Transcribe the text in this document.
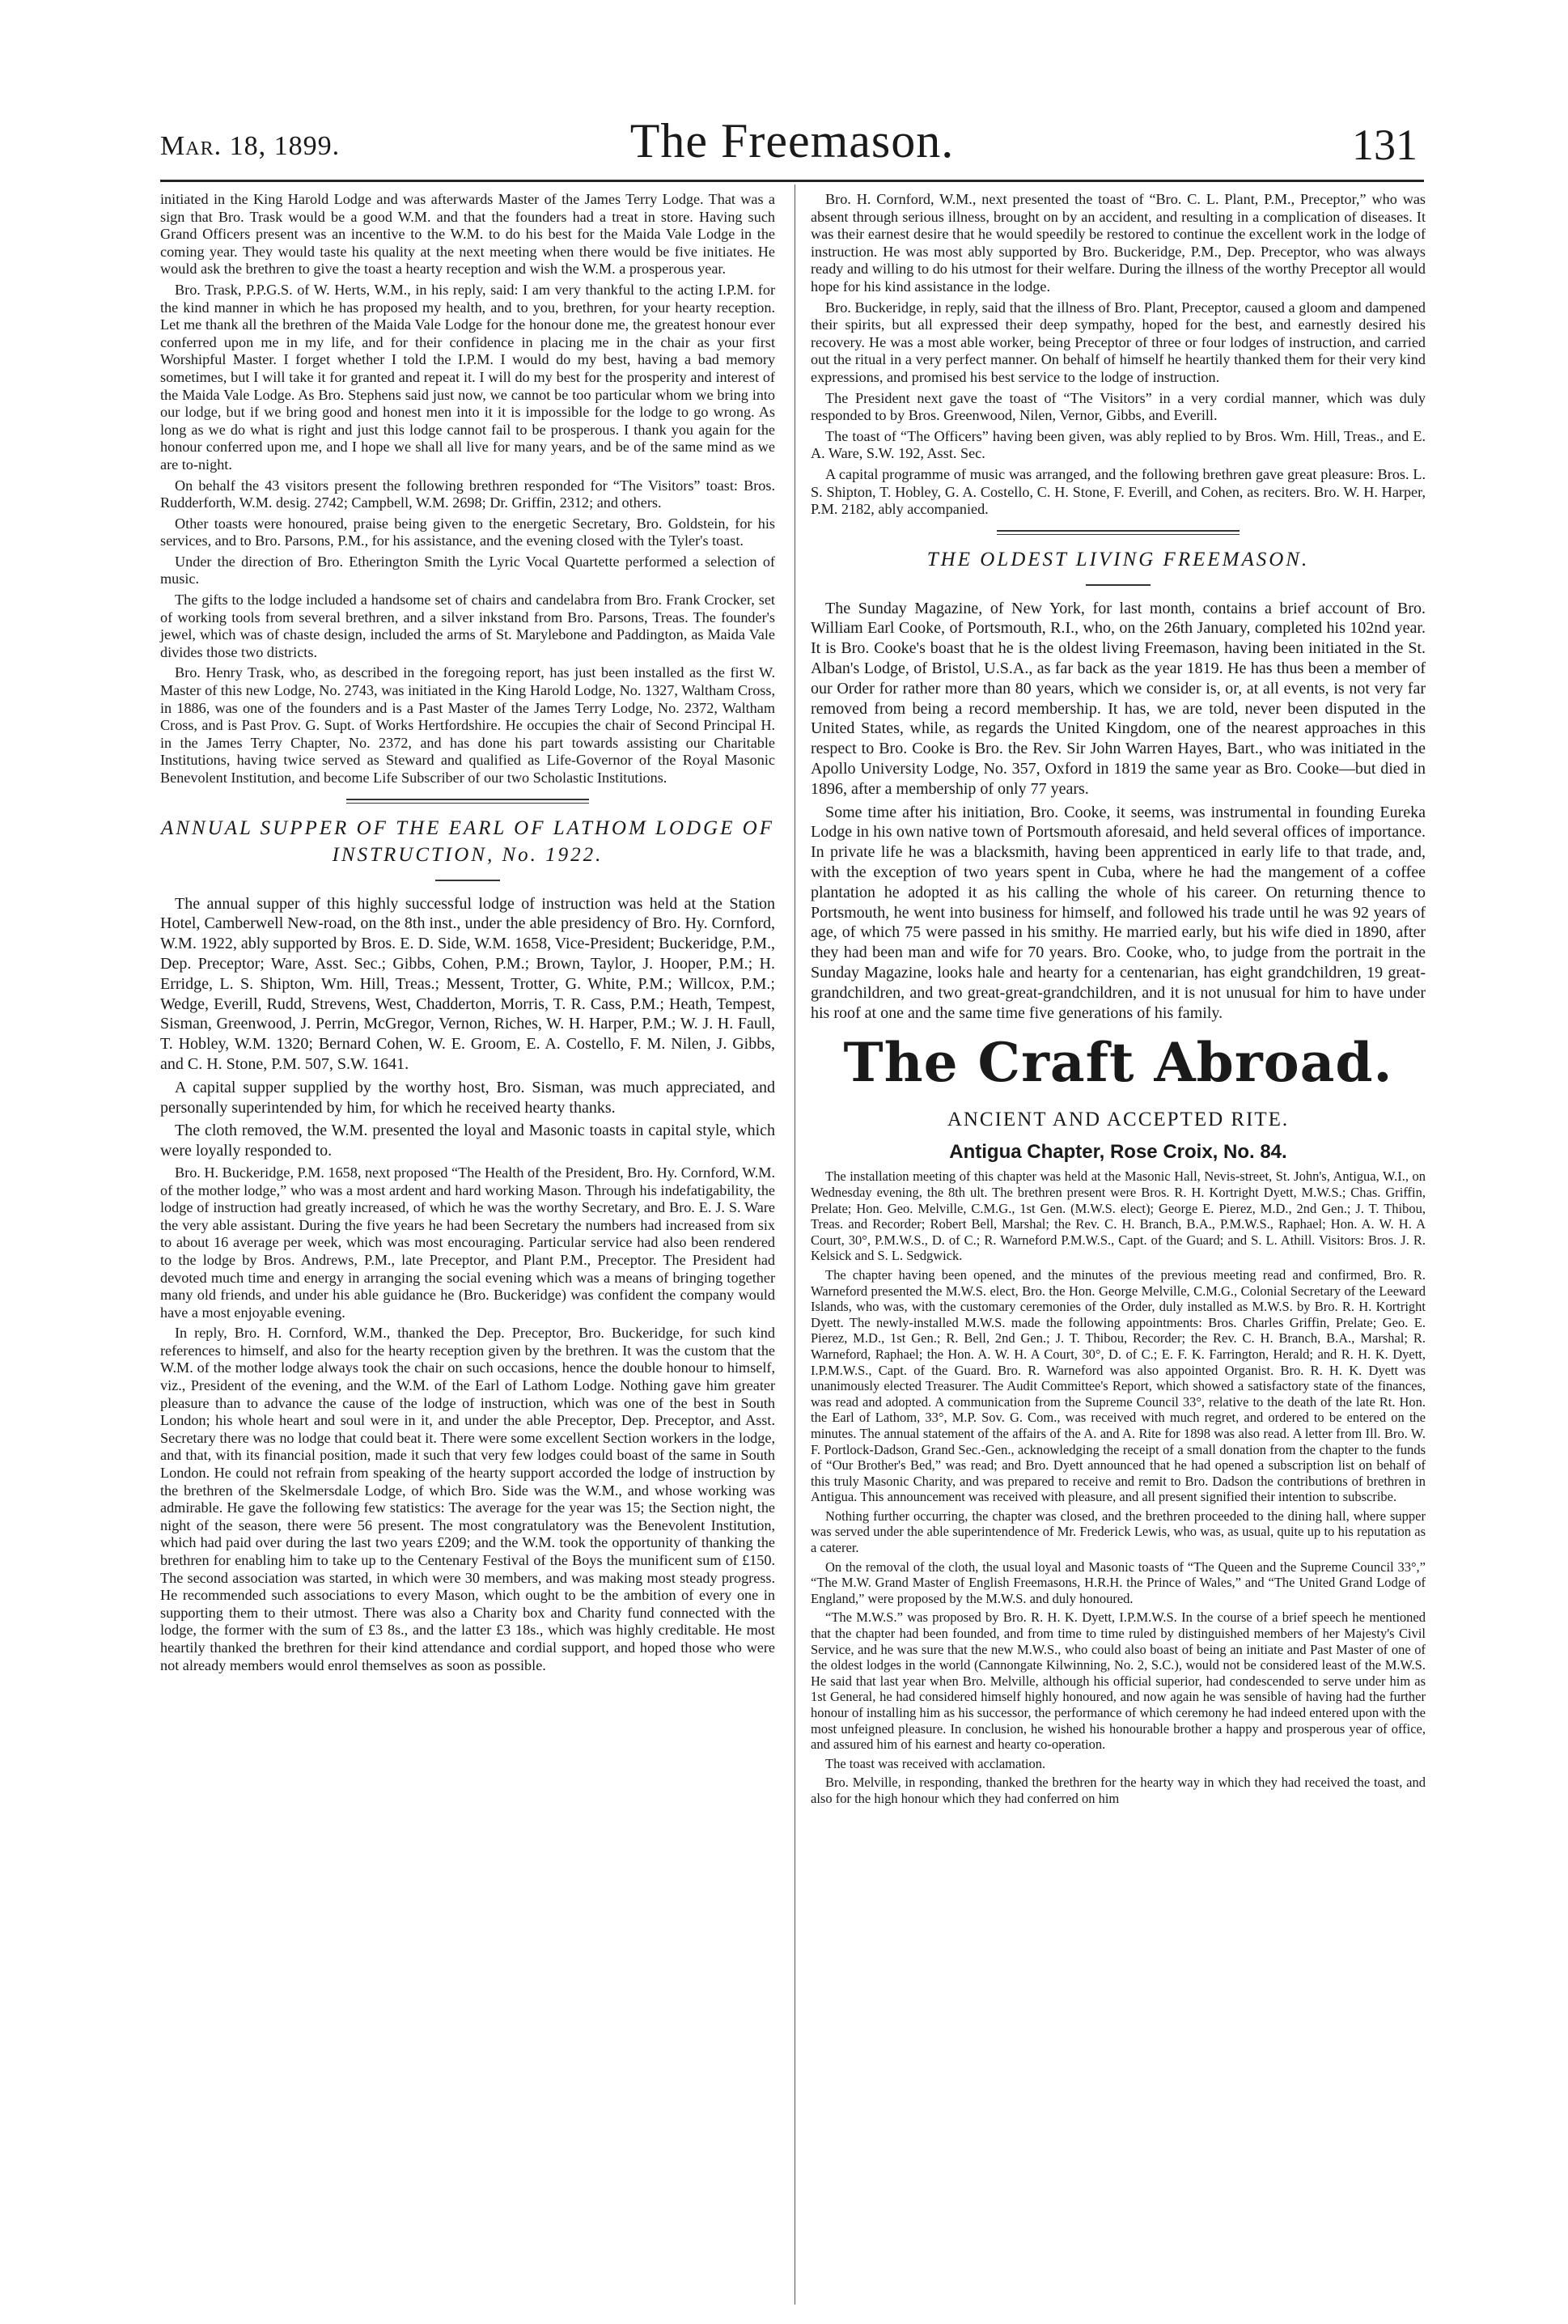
Mar. 18, 1899.	The Freemason.	131

initiated in the King Harold Lodge and was afterwards Master of the James Terry Lodge. That was a sign that Bro. Trask would be a good W.M. and that the founders had a treat in store. Having such Grand Officers present was an incentive to the W.M. to do his best for the Maida Vale Lodge in the coming year. They would taste his quality at the next meeting when there would be five initiates. He would ask the brethren to give the toast a hearty reception and wish the W.M. a prosperous year.

Bro. Trask, P.P.G.S. of W. Herts, W.M., in his reply, said: I am very thankful to the acting I.P.M. for the kind manner in which he has proposed my health, and to you, brethren, for your hearty reception. Let me thank all the brethren of the Maida Vale Lodge for the honour done me, the greatest honour ever conferred upon me in my life, and for their confidence in placing me in the chair as your first Worshipful Master. I forget whether I told the I.P.M. I would do my best, having a bad memory sometimes, but I will take it for granted and repeat it. I will do my best for the prosperity and interest of the Maida Vale Lodge. As Bro. Stephens said just now, we cannot be too particular whom we bring into our lodge, but if we bring good and honest men into it it is impossible for the lodge to go wrong. As long as we do what is right and just this lodge cannot fail to be prosperous. I thank you again for the honour conferred upon me, and I hope we shall all live for many years, and be of the same mind as we are to-night.

On behalf the 43 visitors present the following brethren responded for “The Visitors” toast: Bros. Rudderforth, W.M. desig. 2742; Campbell, W.M. 2698; Dr. Griffin, 2312; and others.

Other toasts were honoured, praise being given to the energetic Secretary, Bro. Goldstein, for his services, and to Bro. Parsons, P.M., for his assistance, and the evening closed with the Tyler's toast.

Under the direction of Bro. Etherington Smith the Lyric Vocal Quartette performed a selection of music.

The gifts to the lodge included a handsome set of chairs and candelabra from Bro. Frank Crocker, set of working tools from several brethren, and a silver inkstand from Bro. Parsons, Treas. The founder's jewel, which was of chaste design, included the arms of St. Marylebone and Paddington, as Maida Vale divides those two districts.

Bro. Henry Trask, who, as described in the foregoing report, has just been installed as the first W. Master of this new Lodge, No. 2743, was initiated in the King Harold Lodge, No. 1327, Waltham Cross, in 1886, was one of the founders and is a Past Master of the James Terry Lodge, No. 2372, Waltham Cross, and is Past Prov. G. Supt. of Works Hertfordshire. He occupies the chair of Second Principal H. in the James Terry Chapter, No. 2372, and has done his part towards assisting our Charitable Institutions, having twice served as Steward and qualified as Life-Governor of the Royal Masonic Benevolent Institution, and become Life Subscriber of our two Scholastic Institutions.

ANNUAL SUPPER OF THE EARL OF LATHOM LODGE OF INSTRUCTION, No. 1922.

The annual supper of this highly successful lodge of instruction was held at the Station Hotel, Camberwell New-road, on the 8th inst., under the able presidency of Bro. Hy. Cornford, W.M. 1922, ably supported by Bros. E. D. Side, W.M. 1658, Vice-President; Buckeridge, P.M., Dep. Preceptor; Ware, Asst. Sec.; Gibbs, Cohen, P.M.; Brown, Taylor, J. Hooper, P.M.; H. Erridge, L. S. Shipton, Wm. Hill, Treas.; Messent, Trotter, G. White, P.M.; Willcox, P.M.; Wedge, Everill, Rudd, Strevens, West, Chadderton, Morris, T. R. Cass, P.M.; Heath, Tempest, Sisman, Greenwood, J. Perrin, McGregor, Vernon, Riches, W. H. Harper, P.M.; W. J. H. Faull, T. Hobley, W.M. 1320; Bernard Cohen, W. E. Groom, E. A. Costello, F. M. Nilen, J. Gibbs, and C. H. Stone, P.M. 507, S.W. 1641.

A capital supper supplied by the worthy host, Bro. Sisman, was much appreciated, and personally superintended by him, for which he received hearty thanks.

The cloth removed, the W.M. presented the loyal and Masonic toasts in capital style, which were loyally responded to.

Bro. H. Buckeridge, P.M. 1658, next proposed “The Health of the President, Bro. Hy. Cornford, W.M. of the mother lodge,” who was a most ardent and hard working Mason. Through his indefatigability, the lodge of instruction had greatly increased, of which he was the worthy Secretary, and Bro. E. J. S. Ware the very able assistant. During the five years he had been Secretary the numbers had increased from six to about 16 average per week, which was most encouraging. Particular service had also been rendered to the lodge by Bros. Andrews, P.M., late Preceptor, and Plant P.M., Preceptor. The President had devoted much time and energy in arranging the social evening which was a means of bringing together many old friends, and under his able guidance he (Bro. Buckeridge) was confident the company would have a most enjoyable evening.

In reply, Bro. H. Cornford, W.M., thanked the Dep. Preceptor, Bro. Buckeridge, for such kind references to himself, and also for the hearty reception given by the brethren. It was the custom that the W.M. of the mother lodge always took the chair on such occasions, hence the double honour to himself, viz., President of the evening, and the W.M. of the Earl of Lathom Lodge. Nothing gave him greater pleasure than to advance the cause of the lodge of instruction, which was one of the best in South London; his whole heart and soul were in it, and under the able Preceptor, Dep. Preceptor, and Asst. Secretary there was no lodge that could beat it. There were some excellent Section workers in the lodge, and that, with its financial position, made it such that very few lodges could boast of the same in South London. He could not refrain from speaking of the hearty support accorded the lodge of instruction by the brethren of the Skelmersdale Lodge, of which Bro. Side was the W.M., and whose working was admirable. He gave the following few statistics: The average for the year was 15; the Section night, the night of the season, there were 56 present. The most congratulatory was the Benevolent Institution, which had paid over during the last two years £209; and the W.M. took the opportunity of thanking the brethren for enabling him to take up to the Centenary Festival of the Boys the munificent sum of £150. The second association was started, in which were 30 members, and was making most steady progress. He recommended such associations to every Mason, which ought to be the ambition of every one in supporting them to their utmost. There was also a Charity box and Charity fund connected with the lodge, the former with the sum of £3 8s., and the latter £3 18s., which was highly creditable. He most heartily thanked the brethren for their kind attendance and cordial support, and hoped those who were not already members would enrol themselves as soon as possible.

Bro. H. Cornford, W.M., next presented the toast of “Bro. C. L. Plant, P.M., Preceptor,” who was absent through serious illness, brought on by an accident, and resulting in a complication of diseases. It was their earnest desire that he would speedily be restored to continue the excellent work in the lodge of instruction. He was most ably supported by Bro. Buckeridge, P.M., Dep. Preceptor, who was always ready and willing to do his utmost for their welfare. During the illness of the worthy Preceptor all would hope for his kind assistance in the lodge.

Bro. Buckeridge, in reply, said that the illness of Bro. Plant, Preceptor, caused a gloom and dampened their spirits, but all expressed their deep sympathy, hoped for the best, and earnestly desired his recovery. He was a most able worker, being Preceptor of three or four lodges of instruction, and carried out the ritual in a very perfect manner. On behalf of himself he heartily thanked them for their very kind expressions, and promised his best service to the lodge of instruction.

The President next gave the toast of “The Visitors” in a very cordial manner, which was duly responded to by Bros. Greenwood, Nilen, Vernor, Gibbs, and Everill.

The toast of “The Officers” having been given, was ably replied to by Bros. Wm. Hill, Treas., and E. A. Ware, S.W. 192, Asst. Sec.

A capital programme of music was arranged, and the following brethren gave great pleasure: Bros. L. S. Shipton, T. Hobley, G. A. Costello, C. H. Stone, F. Everill, and Cohen, as reciters. Bro. W. H. Harper, P.M. 2182, ably accompanied.

THE OLDEST LIVING FREEMASON.

The Sunday Magazine, of New York, for last month, contains a brief account of Bro. William Earl Cooke, of Portsmouth, R.I., who, on the 26th January, completed his 102nd year. It is Bro. Cooke's boast that he is the oldest living Freemason, having been initiated in the St. Alban's Lodge, of Bristol, U.S.A., as far back as the year 1819. He has thus been a member of our Order for rather more than 80 years, which we consider is, or, at all events, is not very far removed from being a record membership. It has, we are told, never been disputed in the United States, while, as regards the United Kingdom, one of the nearest approaches in this respect to Bro. Cooke is Bro. the Rev. Sir John Warren Hayes, Bart., who was initiated in the Apollo University Lodge, No. 357, Oxford in 1819 the same year as Bro. Cooke—but died in 1896, after a membership of only 77 years.

Some time after his initiation, Bro. Cooke, it seems, was instrumental in founding Eureka Lodge in his own native town of Portsmouth aforesaid, and held several offices of importance. In private life he was a blacksmith, having been apprenticed in early life to that trade, and, with the exception of two years spent in Cuba, where he had the mangement of a coffee plantation he adopted it as his calling the whole of his career. On returning thence to Portsmouth, he went into business for himself, and followed his trade until he was 92 years of age, of which 75 were passed in his smithy. He married early, but his wife died in 1890, after they had been man and wife for 70 years. Bro. Cooke, who, to judge from the portrait in the Sunday Magazine, looks hale and hearty for a centenarian, has eight grandchildren, 19 great-grandchildren, and two great-great-grandchildren, and it is not unusual for him to have under his roof at one and the same time five generations of his family.

The Craft Abroad.
ANCIENT AND ACCEPTED RITE.
Antigua Chapter, Rose Croix, No. 84.

The installation meeting of this chapter was held at the Masonic Hall, Nevis-street, St. John's, Antigua, W.I., on Wednesday evening, the 8th ult. The brethren present were Bros. R. H. Kortright Dyett, M.W.S.; Chas. Griffin, Prelate; Hon. Geo. Melville, C.M.G., 1st Gen. (M.W.S. elect); George E. Pierez, M.D., 2nd Gen.; J. T. Thibou, Treas. and Recorder; Robert Bell, Marshal; the Rev. C. H. Branch, B.A., P.M.W.S., Raphael; Hon. A. W. H. A Court, 30°, P.M.W.S., D. of C.; R. Warneford P.M.W.S., Capt. of the Guard; and S. L. Athill. Visitors: Bros. J. R. Kelsick and S. L. Sedgwick.

The chapter having been opened, and the minutes of the previous meeting read and confirmed, Bro. R. Warneford presented the M.W.S. elect, Bro. the Hon. George Melville, C.M.G., Colonial Secretary of the Leeward Islands, who was, with the customary ceremonies of the Order, duly installed as M.W.S. by Bro. R. H. Kortright Dyett. The newly-installed M.W.S. made the following appointments: Bros. Charles Griffin, Prelate; Geo. E. Pierez, M.D., 1st Gen.; R. Bell, 2nd Gen.; J. T. Thibou, Recorder; the Rev. C. H. Branch, B.A., Marshal; R. Warneford, Raphael; the Hon. A. W. H. A Court, 30°, D. of C.; E. F. K. Farrington, Herald; and R. H. K. Dyett, I.P.M.W.S., Capt. of the Guard. Bro. R. Warneford was also appointed Organist. Bro. R. H. K. Dyett was unanimously elected Treasurer. The Audit Committee's Report, which showed a satisfactory state of the finances, was read and adopted. A communication from the Supreme Council 33°, relative to the death of the late Rt. Hon. the Earl of Lathom, 33°, M.P. Sov. G. Com., was received with much regret, and ordered to be entered on the minutes. The annual statement of the affairs of the A. and A. Rite for 1898 was also read. A letter from Ill. Bro. W. F. Portlock-Dadson, Grand Sec.-Gen., acknowledging the receipt of a small donation from the chapter to the funds of “Our Brother's Bed,” was read; and Bro. Dyett announced that he had opened a subscription list on behalf of this truly Masonic Charity, and was prepared to receive and remit to Bro. Dadson the contributions of brethren in Antigua. This announcement was received with pleasure, and all present signified their intention to subscribe.

Nothing further occurring, the chapter was closed, and the brethren proceeded to the dining hall, where supper was served under the able superintendence of Mr. Frederick Lewis, who was, as usual, quite up to his reputation as a caterer.

On the removal of the cloth, the usual loyal and Masonic toasts of “The Queen and the Supreme Council 33°,” “The M.W. Grand Master of English Freemasons, H.R.H. the Prince of Wales,” and “The United Grand Lodge of England,” were proposed by the M.W.S. and duly honoured.

“The M.W.S.” was proposed by Bro. R. H. K. Dyett, I.P.M.W.S. In the course of a brief speech he mentioned that the chapter had been founded, and from time to time ruled by distinguished members of her Majesty's Civil Service, and he was sure that the new M.W.S., who could also boast of being an initiate and Past Master of one of the oldest lodges in the world (Cannongate Kilwinning, No. 2, S.C.), would not be considered least of the M.W.S. He said that last year when Bro. Melville, although his official superior, had condescended to serve under him as 1st General, he had considered himself highly honoured, and now again he was sensible of having had the further honour of installing him as his successor, the performance of which ceremony he had indeed entered upon with the most unfeigned pleasure. In conclusion, he wished his honourable brother a happy and prosperous year of office, and assured him of his earnest and hearty co-operation.

The toast was received with acclamation.

Bro. Melville, in responding, thanked the brethren for the hearty way in which they had received the toast, and also for the high honour which they had conferred on him
